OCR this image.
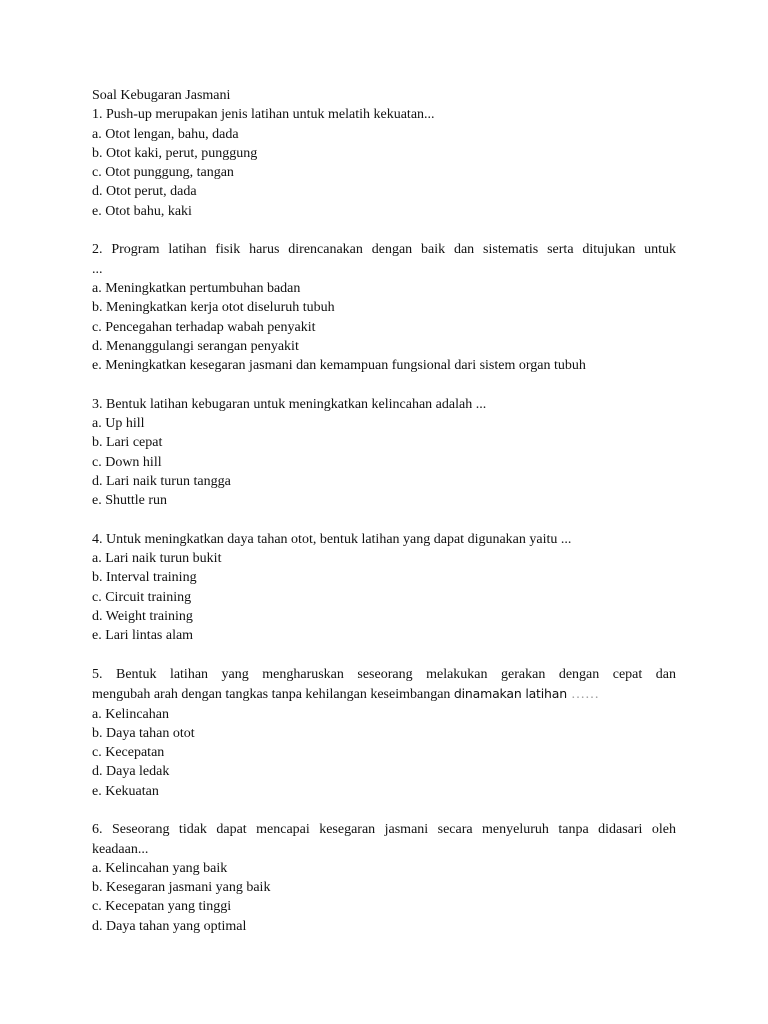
Soal Kebugaran Jasmani
1. Push-up merupakan jenis latihan untuk melatih kekuatan...
a. Otot lengan, bahu, dada
b. Otot kaki, perut, punggung
c. Otot punggung, tangan
d. Otot perut, dada
e. Otot bahu, kaki
2. Program latihan fisik harus direncanakan dengan baik dan sistematis serta ditujukan untuk
...
a. Meningkatkan pertumbuhan badan
b. Meningkatkan kerja otot diseluruh tubuh
c. Pencegahan terhadap wabah penyakit
d. Menanggulangi serangan penyakit
e. Meningkatkan kesegaran jasmani dan kemampuan fungsional dari sistem organ tubuh
3. Bentuk latihan kebugaran untuk meningkatkan kelincahan adalah ...
a. Up hill
b. Lari cepat
c. Down hill
d. Lari naik turun tangga
e. Shuttle run
4. Untuk meningkatkan daya tahan otot, bentuk latihan yang dapat digunakan yaitu ...
a. Lari naik turun bukit
b. Interval training
c. Circuit training
d. Weight training
e. Lari lintas alam
5. Bentuk latihan yang mengharuskan seseorang melakukan gerakan dengan cepat dan
mengubah arah dengan tangkas tanpa kehilangan keseimbangan dinamakan latihan ……
a. Kelincahan
b. Daya tahan otot
c. Kecepatan
d. Daya ledak
e. Kekuatan
6. Seseorang tidak dapat mencapai kesegaran jasmani secara menyeluruh tanpa didasari oleh
keadaan...
a. Kelincahan yang baik
b. Kesegaran jasmani yang baik
c. Kecepatan yang tinggi
d. Daya tahan yang optimal
